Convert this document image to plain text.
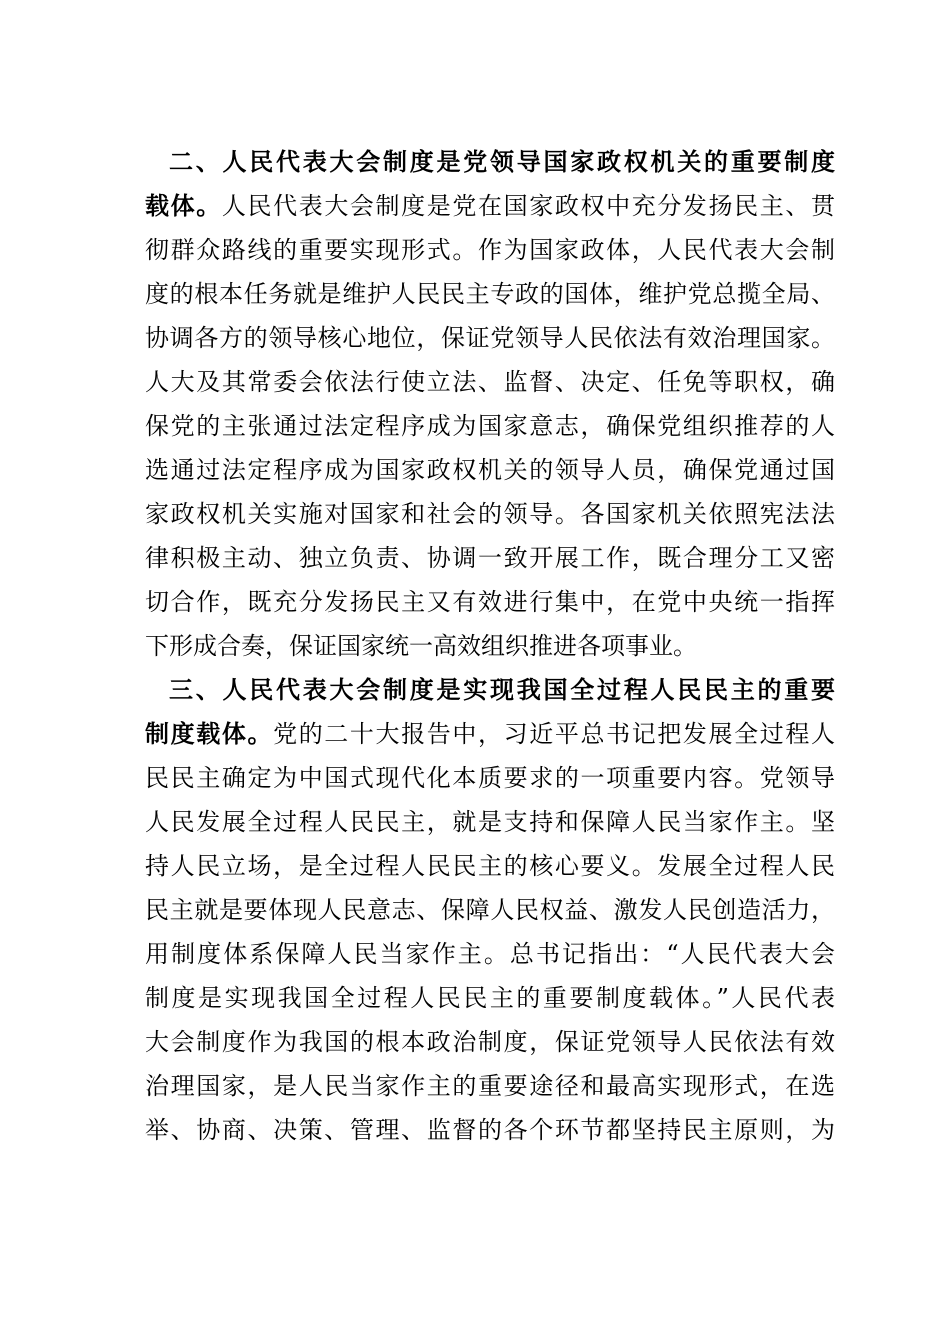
二、人民代表大会制度是党领导国家政权机关的重要制度
载体。人民代表大会制度是党在国家政权中充分发扬民主、贯
彻群众路线的重要实现形式。作为国家政体，人民代表大会制
度的根本任务就是维护人民民主专政的国体，维护党总揽全局、
协调各方的领导核心地位，保证党领导人民依法有效治理国家。
人大及其常委会依法行使立法、监督、决定、任免等职权，确
保党的主张通过法定程序成为国家意志，确保党组织推荐的人
选通过法定程序成为国家政权机关的领导人员，确保党通过国
家政权机关实施对国家和社会的领导。各国家机关依照宪法法
律积极主动、独立负责、协调一致开展工作，既合理分工又密
切合作，既充分发扬民主又有效进行集中，在党中央统一指挥
下形成合奏，保证国家统一高效组织推进各项事业。
三、人民代表大会制度是实现我国全过程人民民主的重要
制度载体。党的二十大报告中，习近平总书记把发展全过程人
民民主确定为中国式现代化本质要求的一项重要内容。党领导
人民发展全过程人民民主，就是支持和保障人民当家作主。坚
持人民立场，是全过程人民民主的核心要义。发展全过程人民
民主就是要体现人民意志、保障人民权益、激发人民创造活力，
用制度体系保障人民当家作主。总书记指出：“人民代表大会
制度是实现我国全过程人民民主的重要制度载体。”人民代表
大会制度作为我国的根本政治制度，保证党领导人民依法有效
治理国家，是人民当家作主的重要途径和最高实现形式，在选
举、协商、决策、管理、监督的各个环节都坚持民主原则，为
